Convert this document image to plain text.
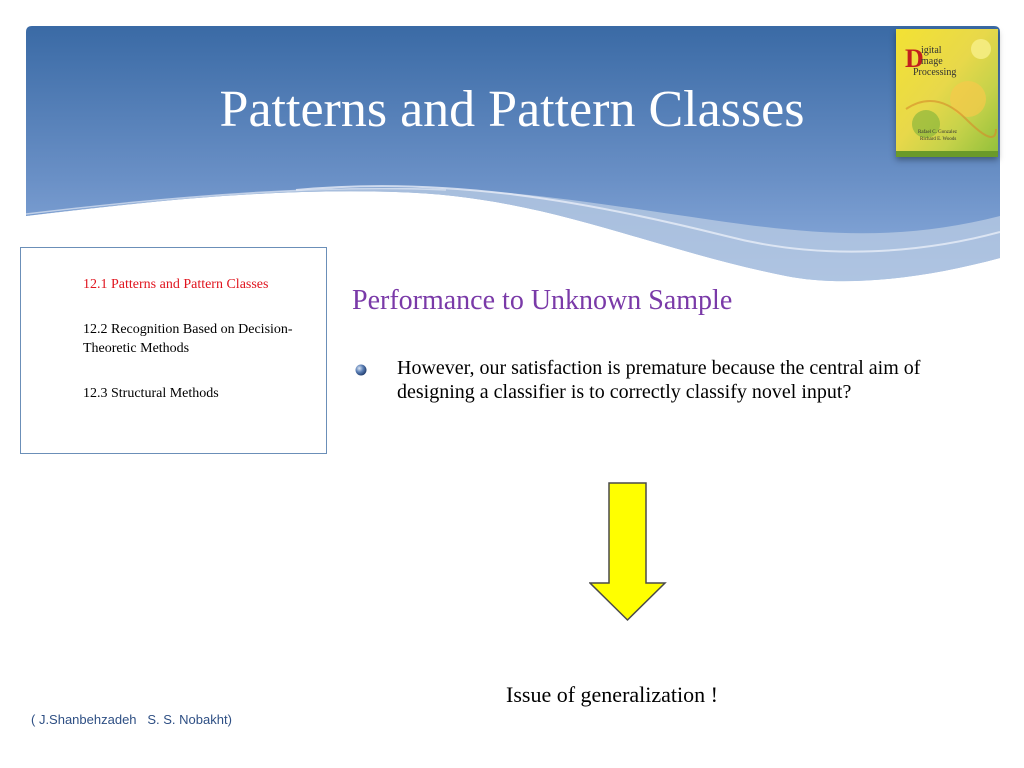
Patterns and Pattern Classes
D
igital
mage
Processing
Rafael C. Gonzalez
Richard E. Woods
12.1 Patterns and Pattern Classes
12.2 Recognition Based on Decision-Theoretic Methods
12.3 Structural Methods
Performance to Unknown Sample
However, our satisfaction is premature because the central aim of designing a classifier is to correctly classify novel input?
Issue of generalization !
( J.Shanbehzadeh   S. S. Nobakht)
